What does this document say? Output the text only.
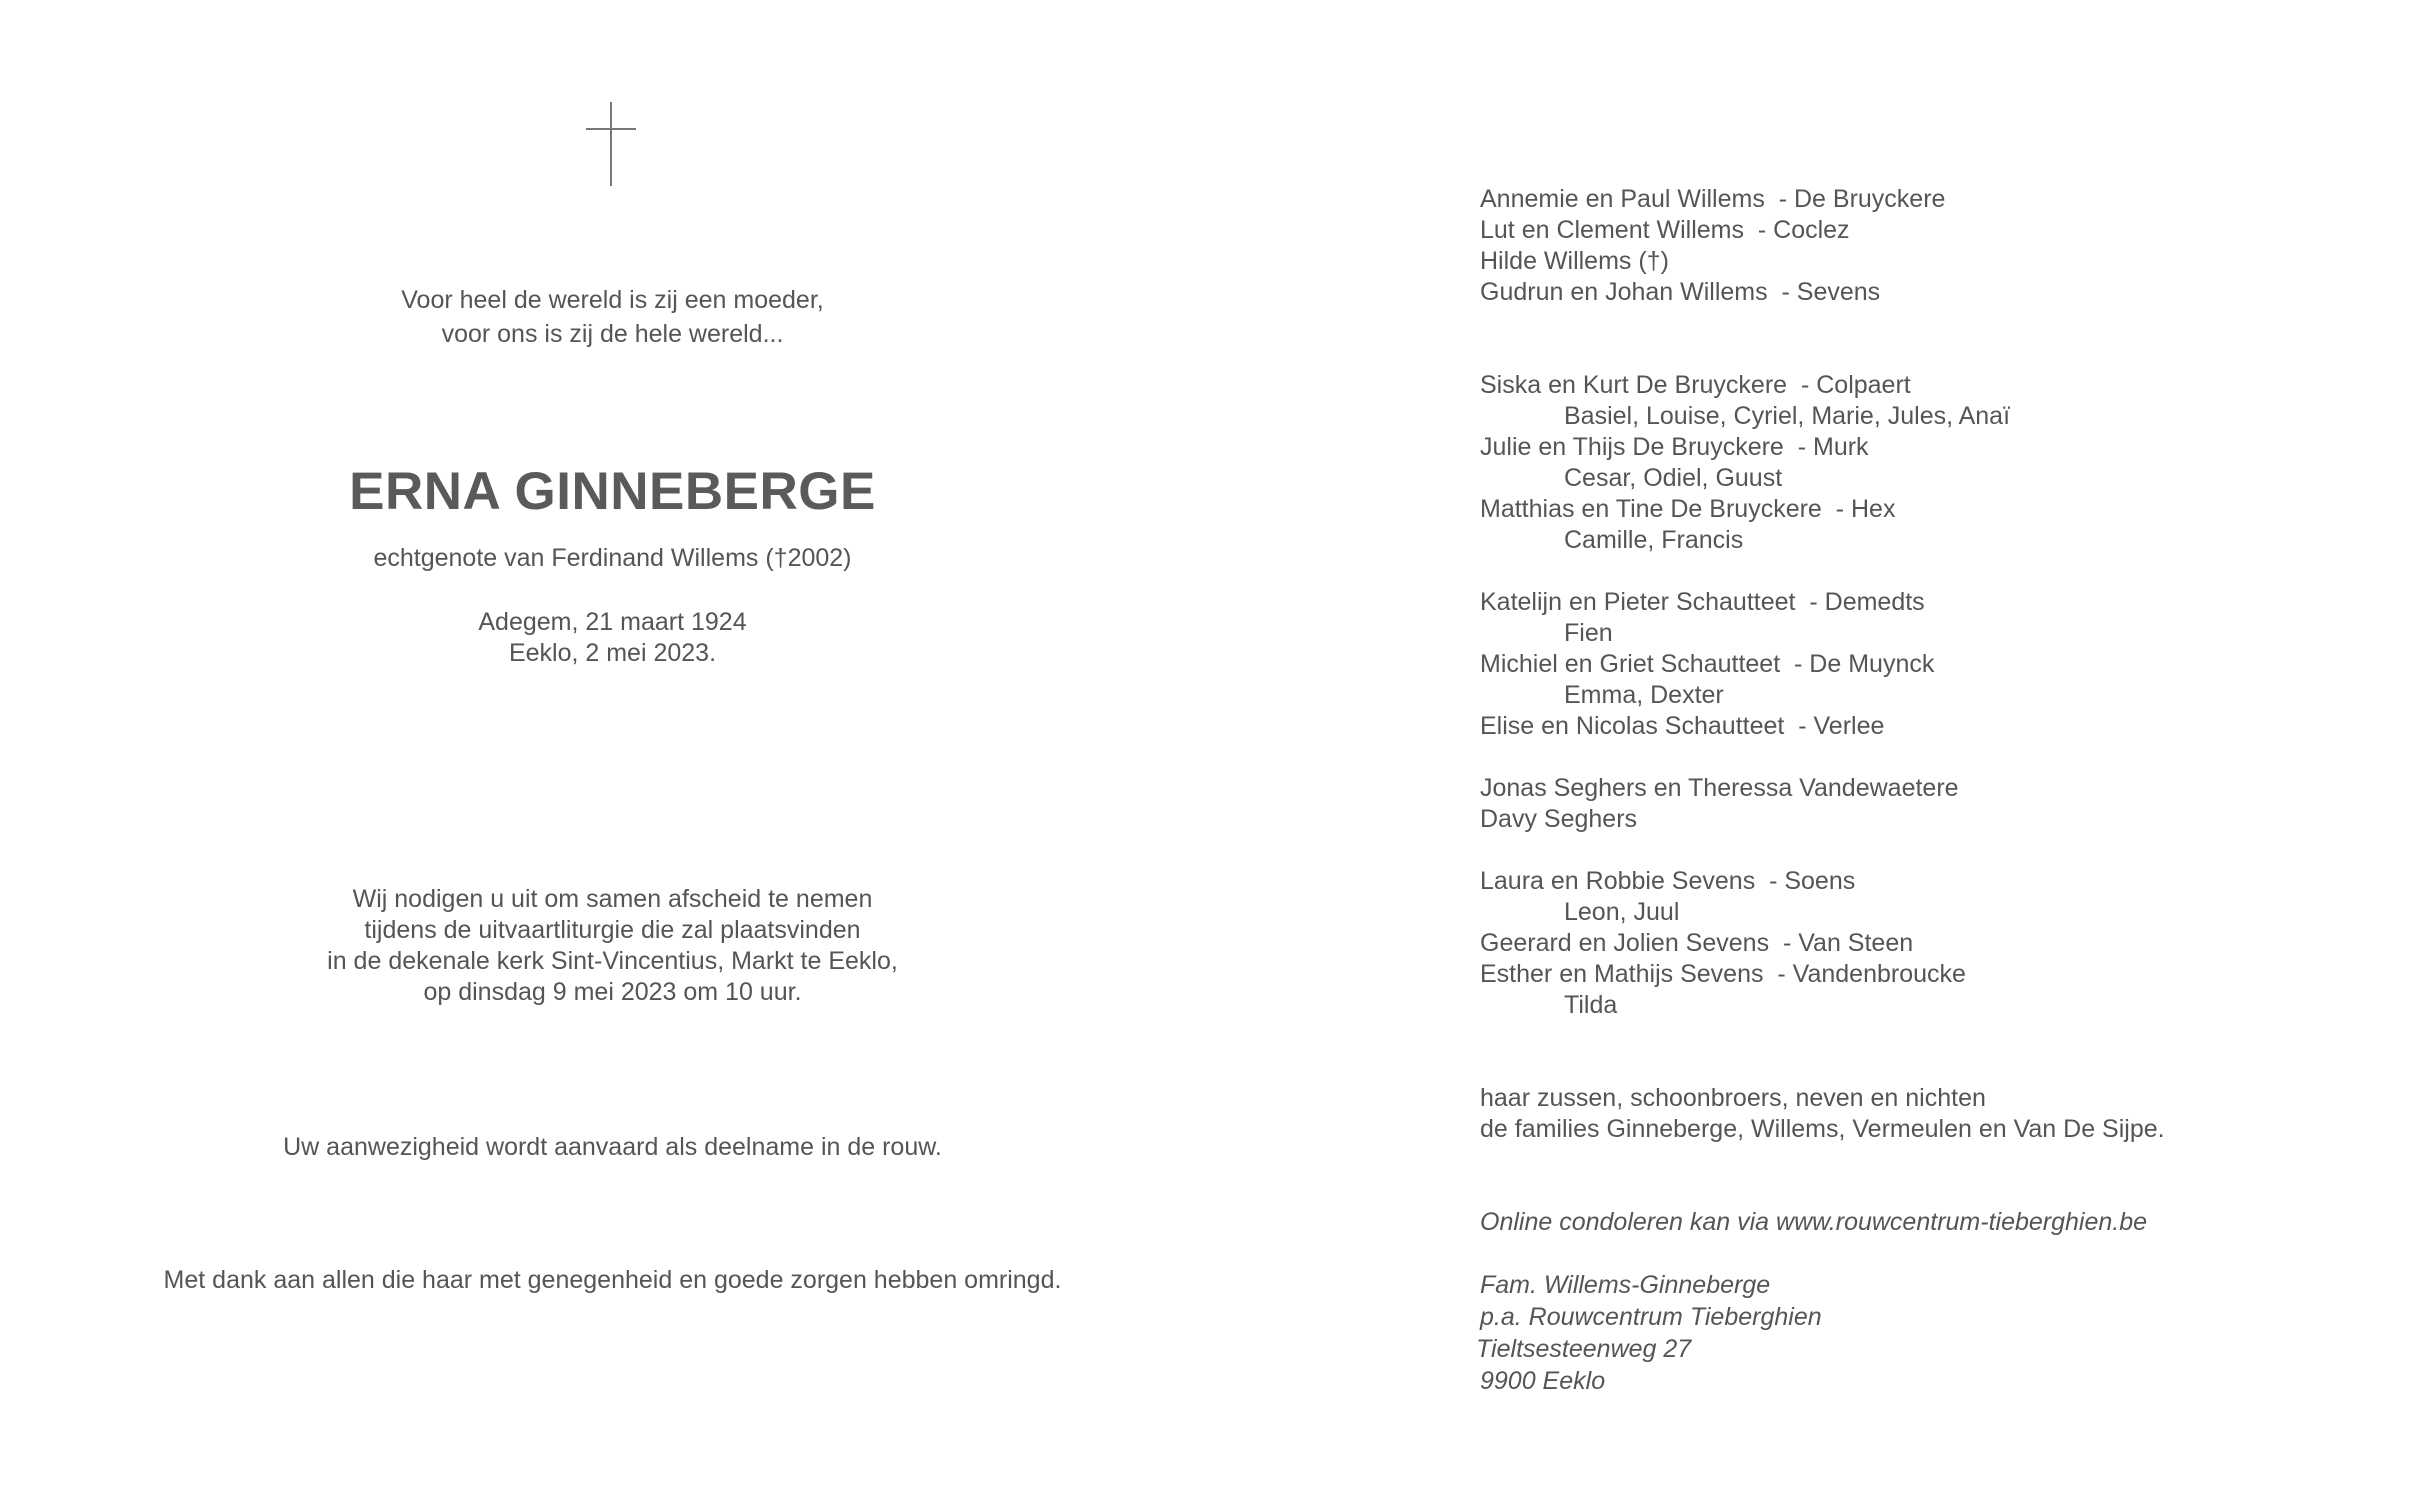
Voor heel de wereld is zij een moeder,
voor ons is zij de hele wereld...
ERNA GINNEBERGE
echtgenote van Ferdinand Willems (†2002)
Adegem, 21 maart 1924
Eeklo, 2 mei 2023.
Wij nodigen u uit om samen afscheid te nemen
tijdens de uitvaartliturgie die zal plaatsvinden
in de dekenale kerk Sint-Vincentius, Markt te Eeklo,
op dinsdag 9 mei 2023 om 10 uur.
Uw aanwezigheid wordt aanvaard als deelname in de rouw.
Met dank aan allen die haar met genegenheid en goede zorgen hebben omringd.
Annemie en Paul Willems  - De Bruyckere
Lut en Clement Willems  - Coclez
Hilde Willems (†)
Gudrun en Johan Willems  - Sevens
Siska en Kurt De Bruyckere  - Colpaert
Basiel, Louise, Cyriel, Marie, Jules, Anaï
Julie en Thijs De Bruyckere  - Murk
Cesar, Odiel, Guust
Matthias en Tine De Bruyckere  - Hex
Camille, Francis
Katelijn en Pieter Schautteet  - Demedts
Fien
Michiel en Griet Schautteet  - De Muynck
Emma, Dexter
Elise en Nicolas Schautteet  - Verlee
Jonas Seghers en Theressa Vandewaetere
Davy Seghers
Laura en Robbie Sevens  - Soens
Leon, Juul
Geerard en Jolien Sevens  - Van Steen
Esther en Mathijs Sevens  - Vandenbroucke
Tilda
haar zussen, schoonbroers, neven en nichten
de families Ginneberge, Willems, Vermeulen en Van De Sijpe.
Online condoleren kan via www.rouwcentrum-tieberghien.be
Fam. Willems-Ginneberge
p.a. Rouwcentrum Tieberghien
Tieltsesteenweg 27
9900 Eeklo
